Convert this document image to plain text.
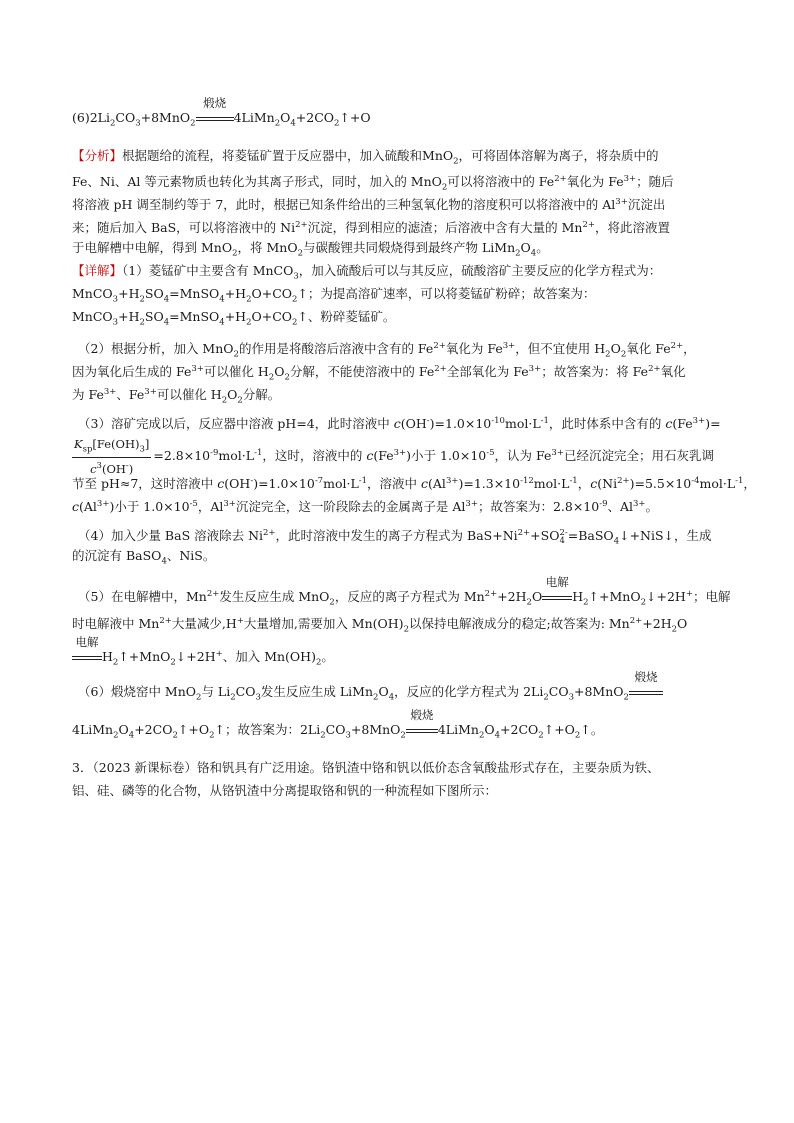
$(6)2Li_2CO_3+8MnO_2$
煅烧
$4LiMn_2O_4+2CO_2↑+O$
【分析】根据题给的流程，将菱锰矿置于反应器中，加入硫酸和MnO$_2$，可将固体溶解为离子，将杂质中的
Fe、Ni、Al 等元素物质也转化为其离子形式，同时，加入的 MnO$_2$可以将溶液中的 $Fe^{2+}$氧化为 $Fe^{3+}$；随后
将溶液 pH 调至制约等于 7，此时，根据已知条件给出的三种氢氧化物的溶度积可以将溶液中的 $Al^{3+}$沉淀出
来；随后加入 BaS，可以将溶液中的 $Ni^{2+}$沉淀，得到相应的滤渣；后溶液中含有大量的 $Mn^{2+}$，将此溶液置
于电解槽中电解，得到 MnO$_2$，将 MnO$_2$与碳酸锂共同煅烧得到最终产物 $LiMn_2O_4$。
【详解】（1）菱锰矿中主要含有 MnCO$_3$，加入硫酸后可以与其反应，硫酸溶矿主要反应的化学方程式为：
$MnCO_3+H_2SO_4=MnSO_4+H_2O+CO_2↑$；为提高溶矿速率，可以将菱锰矿粉碎；故答案为：
$MnCO_3+H_2SO_4=MnSO_4+H_2O+CO_2↑$、粉碎菱锰矿。
（2）根据分析，加入 MnO$_2$的作用是将酸溶后溶液中含有的 $Fe^{2+}$氧化为 $Fe^{3+}$，但不宜使用 $H_2O_2$氧化 $Fe^{2+}$，
因为氧化后生成的 $Fe^{3+}$可以催化 $H_2O_2$分解，不能使溶液中的 $Fe^{2+}$全部氧化为 $Fe^{3+}$；故答案为：将 $Fe^{2+}$氧化
为 $Fe^{3+}$、$Fe^{3+}$可以催化 $H_2O_2$分解。
（3）溶矿完成以后，反应器中溶液 pH=4，此时溶液中 $c(OH^-)=1.0\times 10^{-10}mol\cdot L^{-1}$，此时体系中含有的 $c(Fe^{3+})=$
$\frac{K_{sp}[Fe(OH)_3]}{c^3(OH^-)} =2.8\times 10^{-9}mol\cdot L^{-1}$，这时，溶液中的 $c(Fe^{3+})$小于 $1.0\times 10^{-5}$，认为 $Fe^{3+}$已经沉淀完全；用石灰乳调
节至 pH≈7，这时溶液中 $c(OH^-)=1.0\times 10^{-7}mol\cdot L^{-1}$，溶液中 $c(Al^{3+})=1.3\times 10^{-12}mol\cdot L^{-1}$，$c(Ni^{2+})=5.5\times 10^{-4}mol\cdot L^{-1}$，
$c(Al^{3+})$小于 $1.0\times 10^{-5}$，$Al^{3+}$沉淀完全，这一阶段除去的金属离子是 $Al^{3+}$；故答案为：$2.8\times 10^{-9}$、$Al^{3+}$。
（4）加入少量 BaS 溶液除去 $Ni^{2+}$，此时溶液中发生的离子方程式为 $BaS+Ni^{2+}+SO$ 2-
4 =BaSO$_4$↓+NiS↓，生成
的沉淀有 BaSO$_4$、NiS。
（5）在电解槽中，$Mn^{2+}$发生反应生成 MnO$_2$，反应的离子方程式为 $Mn^{2+}+2H_2O$
电解
$H_2↑+MnO_2↓+2H^+$；电解
时电解液中 $Mn^{2+}$大量减少,H+大量增加,需要加入 $Mn(OH)_2$以保持电解液成分的稳定;故答案为: $Mn^{2+}+2H_2O$
电解
$H_2↑+MnO_2↓+2H^+$、加入 $Mn(OH)_2$。
（6）煅烧窑中 MnO$_2$与 $Li_2CO_3$发生反应生成 $LiMn_2O_4$，反应的化学方程式为 $2Li_2CO_3+8MnO_2$
煅烧
$4LiMn_2O_4+2CO_2↑+O_2↑$；故答案为：$2Li_2CO_3+8MnO_2$
煅烧
$4LiMn_2O_4+2CO_2↑+O_2↑$。
3．（2023 新课标卷）铬和钒具有广泛用途。铬钒渣中铬和钒以低价态含氧酸盐形式存在，主要杂质为铁、
铝、硅、磷等的化合物，从铬钒渣中分离提取铬和钒的一种流程如下图所示：
